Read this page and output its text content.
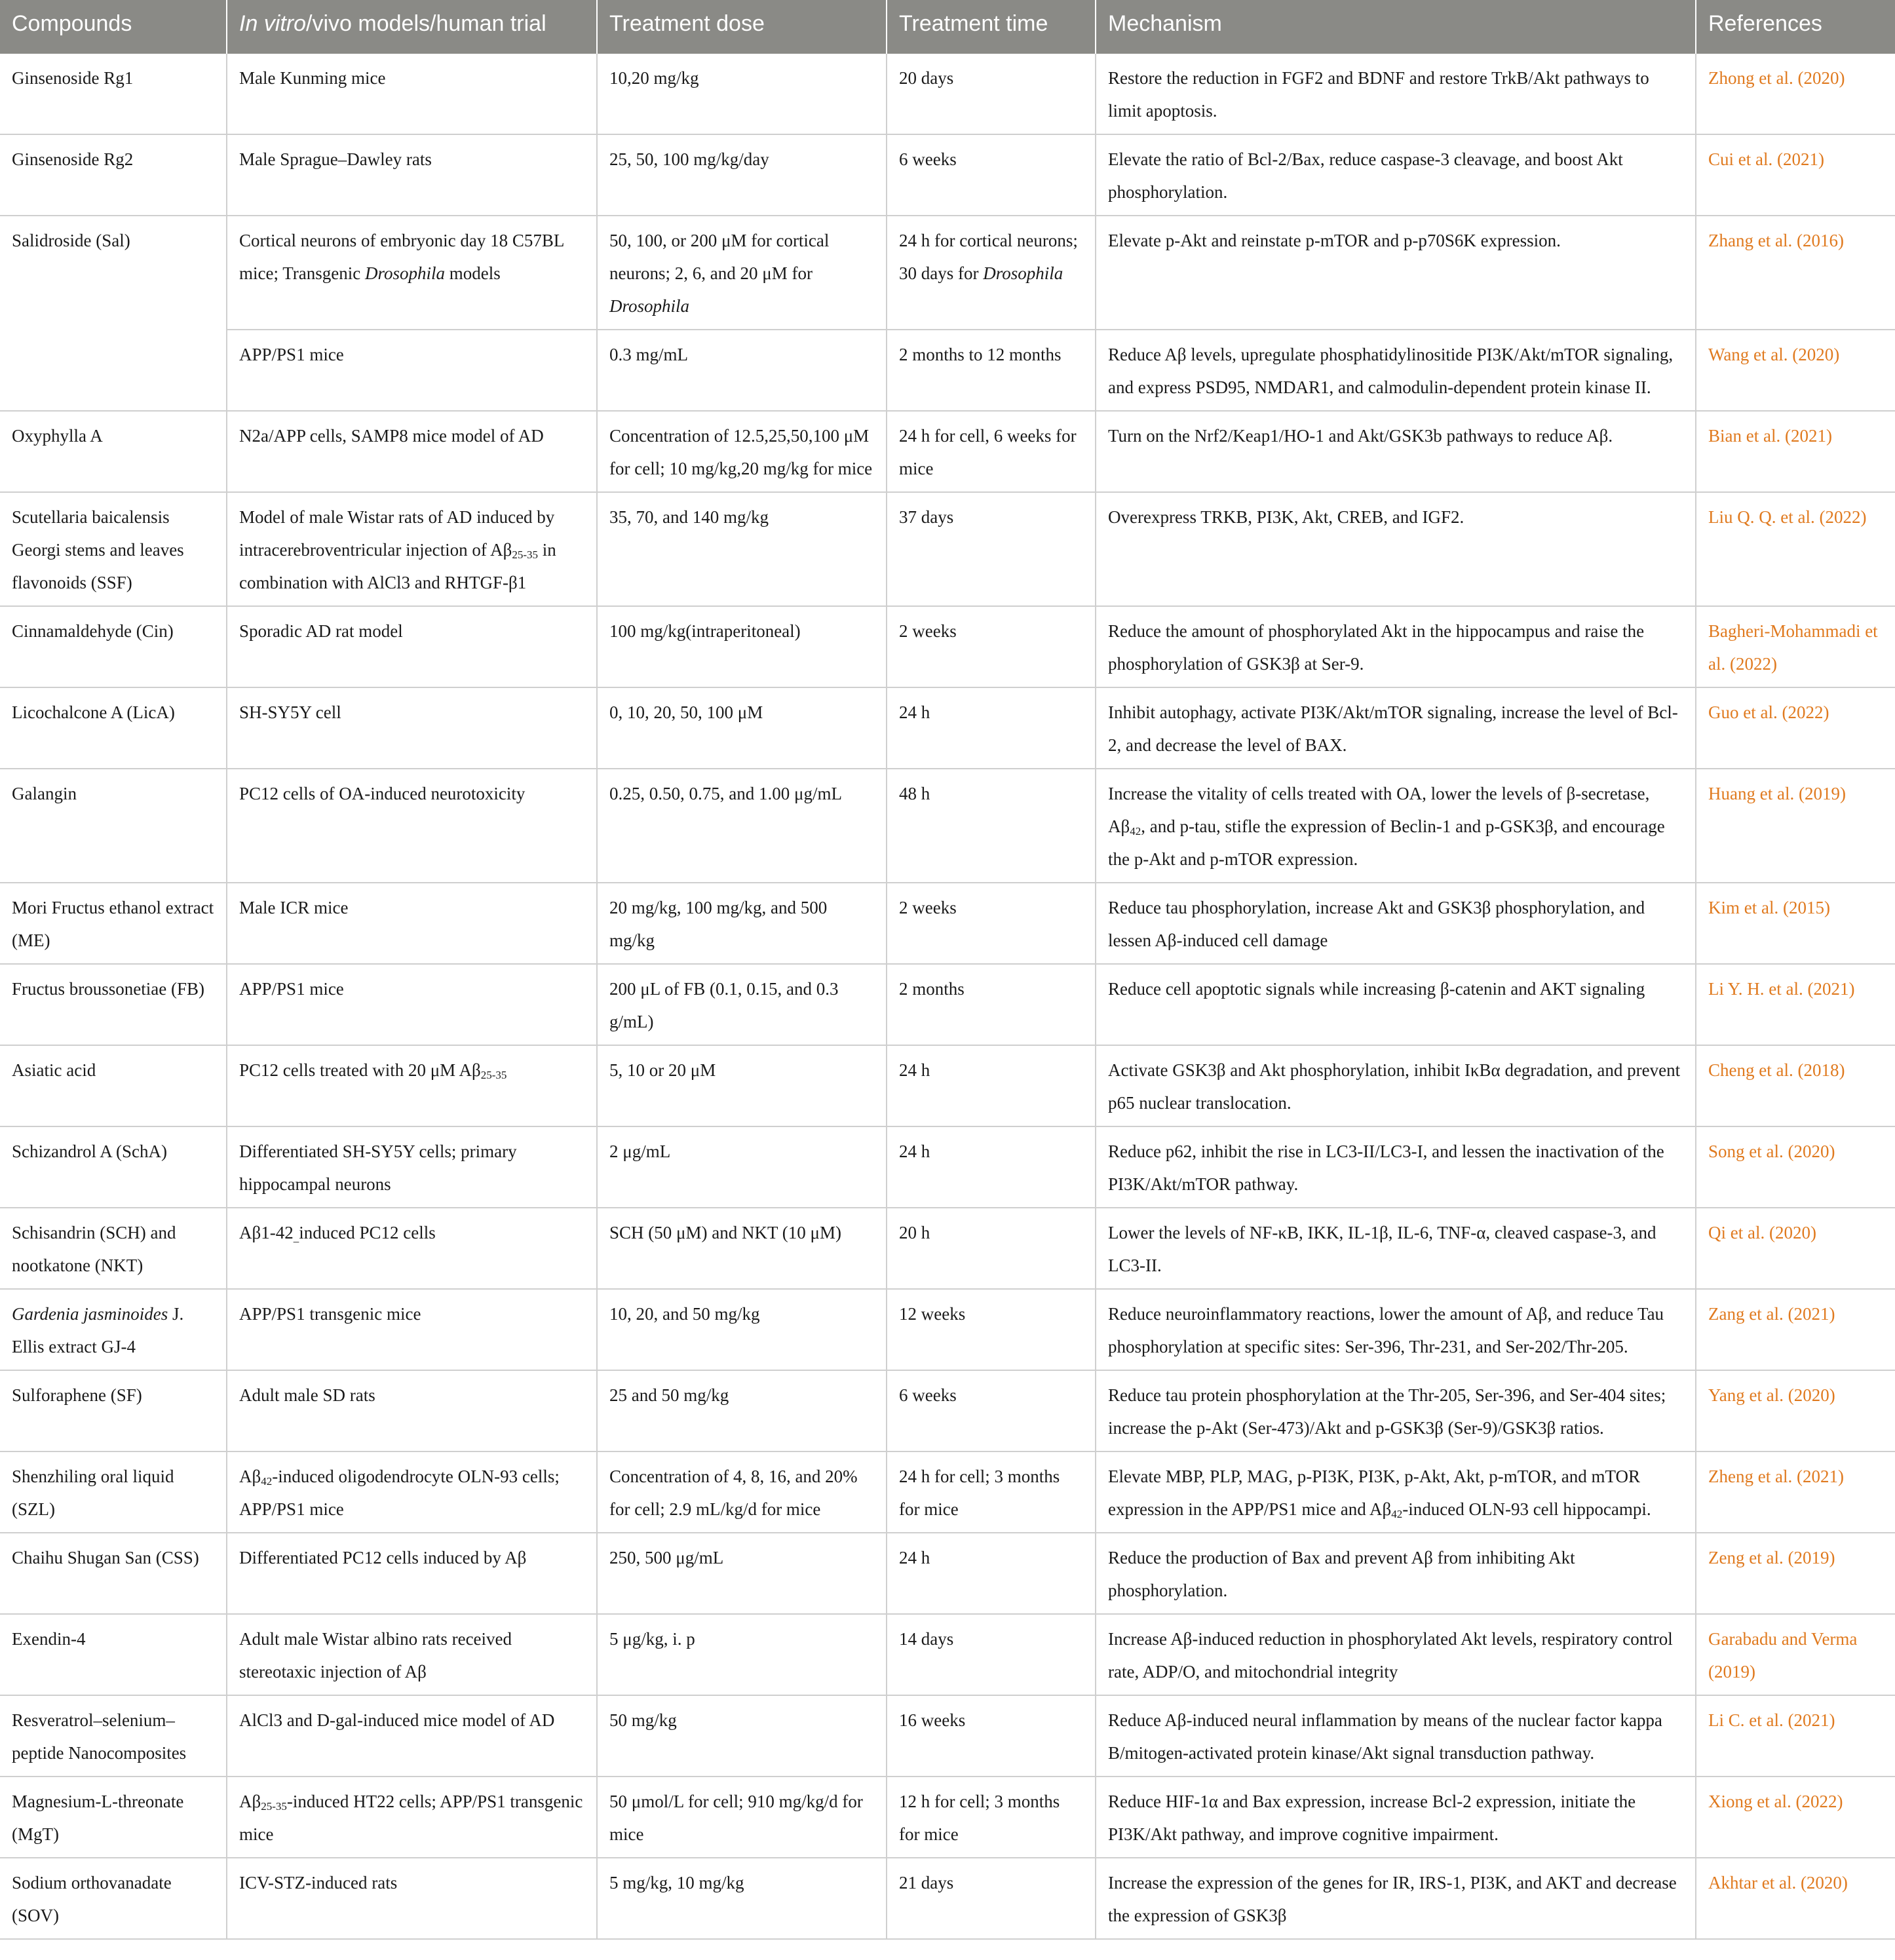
Compounds	In vitro/vivo models/human trial	Treatment dose	Treatment time	Mechanism	References
Ginsenoside Rg1	Male Kunming mice	10,20 mg/kg	20 days	Restore the reduction in FGF2 and BDNF and restore TrkB/Akt pathways to limit apoptosis.	Zhong et al. (2020)
Ginsenoside Rg2	Male Sprague–Dawley rats	25, 50, 100 mg/kg/day	6 weeks	Elevate the ratio of Bcl-2/Bax, reduce caspase-3 cleavage, and boost Akt phosphorylation.	Cui et al. (2021)
Salidroside (Sal)	Cortical neurons of embryonic day 18 C57BL mice; Transgenic Drosophila models	50, 100, or 200 μM for cortical neurons; 2, 6, and 20 μM for Drosophila	24 h for cortical neurons; 30 days for Drosophila	Elevate p-Akt and reinstate p-mTOR and p-p70S6K expression.	Zhang et al. (2016)
	APP/PS1 mice	0.3 mg/mL	2 months to 12 months	Reduce Aβ levels, upregulate phosphatidylinositide PI3K/Akt/mTOR signaling, and express PSD95, NMDAR1, and calmodulin-dependent protein kinase II.	Wang et al. (2020)
Oxyphylla A	N2a/APP cells, SAMP8 mice model of AD	Concentration of 12.5,25,50,100 μM for cell; 10 mg/kg,20 mg/kg for mice	24 h for cell, 6 weeks for mice	Turn on the Nrf2/Keap1/HO-1 and Akt/GSK3b pathways to reduce Aβ.	Bian et al. (2021)
Scutellaria baicalensis Georgi stems and leaves flavonoids (SSF)	Model of male Wistar rats of AD induced by intracerebroventricular injection of $A\beta_{25-35}$ in combination with AlCl3 and RHTGF-β1	35, 70, and 140 mg/kg	37 days	Overexpress TRKB, PI3K, Akt, CREB, and IGF2.	Liu Q. Q. et al. (2022)
Cinnamaldehyde (Cin)	Sporadic AD rat model	100 mg/kg(intraperitoneal)	2 weeks	Reduce the amount of phosphorylated Akt in the hippocampus and raise the phosphorylation of GSK3β at Ser-9.	Bagheri-Mohammadi et al. (2022)
Licochalcone A (LicA)	SH-SY5Y cell	0, 10, 20, 50, 100 μM	24 h	Inhibit autophagy, activate PI3K/Akt/mTOR signaling, increase the level of Bcl-2, and decrease the level of BAX.	Guo et al. (2022)
Galangin	PC12 cells of OA-induced neurotoxicity	0.25, 0.50, 0.75, and 1.00 μg/mL	48 h	Increase the vitality of cells treated with OA, lower the levels of β-secretase, $A\beta_{42}$, and p-tau, stifle the expression of Beclin-1 and p-GSK3β, and encourage the p-Akt and p-mTOR expression.	Huang et al. (2019)
Mori Fructus ethanol extract (ME)	Male ICR mice	20 mg/kg, 100 mg/kg, and 500 mg/kg	2 weeks	Reduce tau phosphorylation, increase Akt and GSK3β phosphorylation, and lessen Aβ-induced cell damage	Kim et al. (2015)
Fructus broussonetiae (FB)	APP/PS1 mice	200 μL of FB (0.1, 0.15, and 0.3 g/mL)	2 months	Reduce cell apoptotic signals while increasing β-catenin and AKT signaling	Li Y. H. et al. (2021)
Asiatic acid	PC12 cells treated with 20 μM $A\beta_{25-35}$	5, 10 or 20 μM	24 h	Activate GSK3β and Akt phosphorylation, inhibit IκBα degradation, and prevent p65 nuclear translocation.	Cheng et al. (2018)
Schizandrol A (SchA)	Differentiated SH-SY5Y cells; primary hippocampal neurons	2 μg/mL	24 h	Reduce p62, inhibit the rise in LC3-II/LC3-I, and lessen the inactivation of the PI3K/Akt/mTOR pathway.	Song et al. (2020)
Schisandrin (SCH) and nootkatone (NKT)	$A\beta 1-42_{\_}induced$ PC12 cells	SCH (50 μM) and NKT (10 μM)	20 h	Lower the levels of NF-κB, IKK, IL-1β, IL-6, TNF-α, cleaved caspase-3, and LC3-II.	Qi et al. (2020)
Gardenia jasminoides J. Ellis extract GJ-4	APP/PS1 transgenic mice	10, 20, and 50 mg/kg	12 weeks	Reduce neuroinflammatory reactions, lower the amount of Aβ, and reduce Tau phosphorylation at specific sites: Ser-396, Thr-231, and Ser-202/Thr-205.	Zang et al. (2021)
Sulforaphene (SF)	Adult male SD rats	25 and 50 mg/kg	6 weeks	Reduce tau protein phosphorylation at the Thr-205, Ser-396, and Ser-404 sites; increase the p-Akt (Ser-473)/Akt and p-GSK3β (Ser-9)/GSK3β ratios.	Yang et al. (2020)
Shenzhiling oral liquid (SZL)	$A\beta_{42}$-induced oligodendrocyte OLN-93 cells; APP/PS1 mice	Concentration of 4, 8, 16, and 20% for cell; 2.9 mL/kg/d for mice	24 h for cell; 3 months for mice	Elevate MBP, PLP, MAG, p-PI3K, PI3K, p-Akt, Akt, p-mTOR, and mTOR expression in the APP/PS1 mice and $A\beta_{42}$-induced OLN-93 cell hippocampi.	Zheng et al. (2021)
Chaihu Shugan San (CSS)	Differentiated PC12 cells induced by Aβ	250, 500 μg/mL	24 h	Reduce the production of Bax and prevent Aβ from inhibiting Akt phosphorylation.	Zeng et al. (2019)
Exendin-4	Adult male Wistar albino rats received stereotaxic injection of Aβ	5 μg/kg, i. p	14 days	Increase Aβ-induced reduction in phosphorylated Akt levels, respiratory control rate, ADP/O, and mitochondrial integrity	Garabadu and Verma (2019)
Resveratrol–selenium–peptide Nanocomposites	AlCl3 and D-gal-induced mice model of AD	50 mg/kg	16 weeks	Reduce Aβ-induced neural inflammation by means of the nuclear factor kappa B/mitogen-activated protein kinase/Akt signal transduction pathway.	Li C. et al. (2021)
Magnesium-L-threonate (MgT)	$A\beta_{25-35}$-induced HT22 cells; APP/PS1 transgenic mice	50 μmol/L for cell; 910 mg/kg/d for mice	12 h for cell; 3 months for mice	Reduce HIF-1α and Bax expression, increase Bcl-2 expression, initiate the PI3K/Akt pathway, and improve cognitive impairment.	Xiong et al. (2022)
Sodium orthovanadate (SOV)	ICV-STZ-induced rats	5 mg/kg, 10 mg/kg	21 days	Increase the expression of the genes for IR, IRS-1, PI3K, and AKT and decrease the expression of GSK3β	Akhtar et al. (2020)
